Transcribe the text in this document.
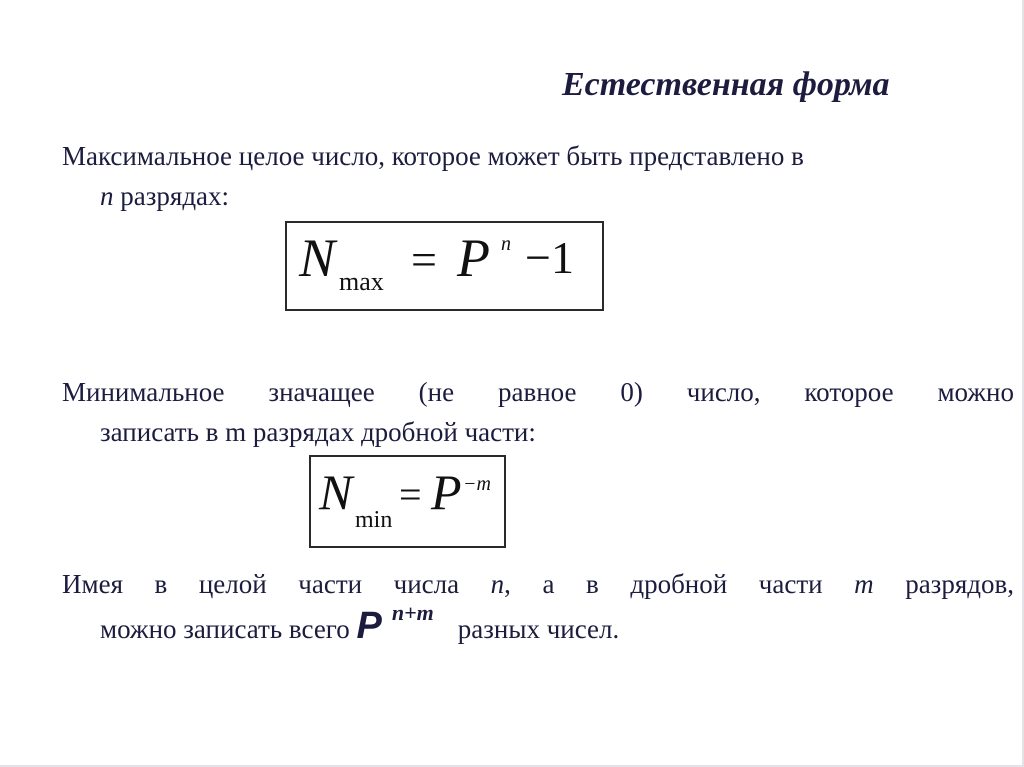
Естественная форма
Максимальное целое число, которое может быть представлено в
n разрядах:
N max = P n −1
Минимальное значащее (не равное 0) число, которое можно
записать в m разрядах дробной части:
N min
= P −m
Имея в целой части числа n, а в дробной части m разрядов,
можно записать всего P $^{n+m}$разных чисел.
